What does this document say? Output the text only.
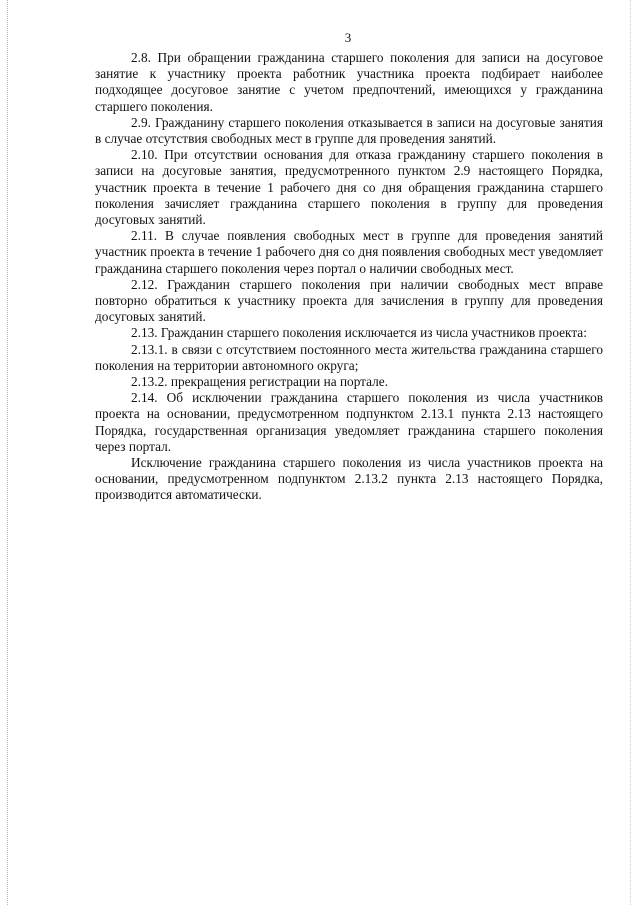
3

2.8. При обращении гражданина старшего поколения для записи на досуговое занятие к участнику проекта работник участника проекта подбирает наиболее подходящее досуговое занятие с учетом предпочтений, имеющихся у гражданина старшего поколения.

2.9. Гражданину старшего поколения отказывается в записи на досуговые занятия в случае отсутствия свободных мест в группе для проведения занятий.

2.10. При отсутствии основания для отказа гражданину старшего поколения в записи на досуговые занятия, предусмотренного пунктом 2.9 настоящего Порядка, участник проекта в течение 1 рабочего дня со дня обращения гражданина старшего поколения зачисляет гражданина старшего поколения в группу для проведения досуговых занятий.

2.11. В случае появления свободных мест в группе для проведения занятий участник проекта в течение 1 рабочего дня со дня появления свободных мест уведомляет гражданина старшего поколения через портал о наличии свободных мест.

2.12. Гражданин старшего поколения при наличии свободных мест вправе повторно обратиться к участнику проекта для зачисления в группу для проведения досуговых занятий.

2.13. Гражданин старшего поколения исключается из числа участников проекта:

2.13.1. в связи с отсутствием постоянного места жительства гражданина старшего поколения на территории автономного округа;

2.13.2. прекращения регистрации на портале.

2.14. Об исключении гражданина старшего поколения из числа участников проекта на основании, предусмотренном подпунктом 2.13.1 пункта 2.13 настоящего Порядка, государственная организация уведомляет гражданина старшего поколения через портал.

Исключение гражданина старшего поколения из числа участников проекта на основании, предусмотренном подпунктом 2.13.2 пункта 2.13 настоящего Порядка, производится автоматически.
